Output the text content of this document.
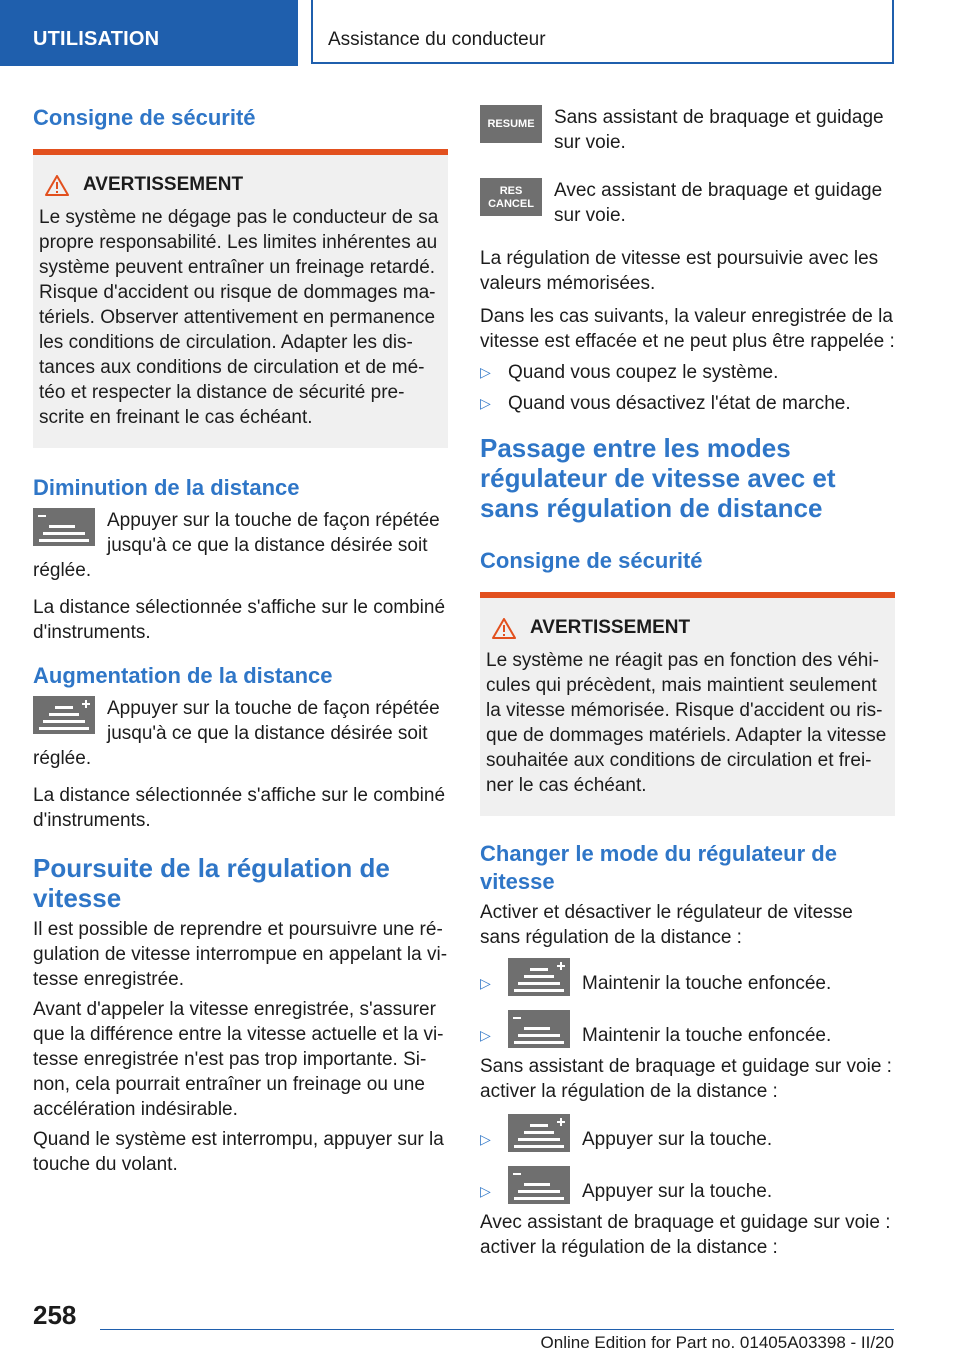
UTILISATION	Assistance du conducteur
Consigne de sécurité
AVERTISSEMENT

Le système ne dégage pas le conducteur de sa

propre responsabilité. Les limites inhérentes au

système peuvent entraîner un freinage retardé.

Risque d'accident ou risque de dommages ma-

tériels. Observer attentivement en permanence

les conditions de circulation. Adapter les dis-

tances aux conditions de circulation et de mé-

téo et respecter la distance de sécurité pre-

scrite en freinant le cas échéant.

Diminution de la distance

Appuyer sur la touche de façon répétée jusqu'à ce que la distance désirée soit réglée.

La distance sélectionnée s'affiche sur le combiné d'instruments.

Augmentation de la distance

Appuyer sur la touche de façon répétée jusqu'à ce que la distance désirée soit réglée.

La distance sélectionnée s'affiche sur le combiné d'instruments.

Poursuite de la régulation de vitesse

Il est possible de reprendre et poursuivre une ré-gulation de vitesse interrompue en appelant la vi-tesse enregistrée.

Avant d'appeler la vitesse enregistrée, s'assurer que la différence entre la vitesse actuelle et la vi-tesse enregistrée n'est pas trop importante. Si-non, cela pourrait entraîner un freinage ou une accélération indésirable.

Quand le système est interrompu, appuyer sur la touche du volant.

RESUME	Sans assistant de braquage et guidage sur voie.

RES
CANCEL

Avec assistant de braquage et guidage sur voie.

La régulation de vitesse est poursuivie avec les valeurs mémorisées.

Dans les cas suivants, la valeur enregistrée de la vitesse est effacée et ne peut plus être rappelée :

▷ Quand vous coupez le système.
▷ Quand vous désactivez l'état de marche.
Passage entre les modes régulateur de vitesse avec et sans régulation de distance
Consigne de sécurité
AVERTISSEMENT

Le système ne réagit pas en fonction des véhi-

cules qui précèdent, mais maintient seulement

la vitesse mémorisée. Risque d'accident ou ris-

que de dommages matériels. Adapter la vitesse

souhaitée aux conditions de circulation et frei-

ner le cas échéant.

Changer le mode du régulateur de vitesse

Activer et désactiver le régulateur de vitesse sans régulation de la distance :

▷	Maintenir la touche enfoncée.
▷	Maintenir la touche enfoncée.

Sans assistant de braquage et guidage sur voie : activer la régulation de la distance :

▷	Appuyer sur la touche.
▷	Appuyer sur la touche.

Avec assistant de braquage et guidage sur voie : activer la régulation de la distance :

258
Online Edition for Part no. 01405A03398 - II/20
